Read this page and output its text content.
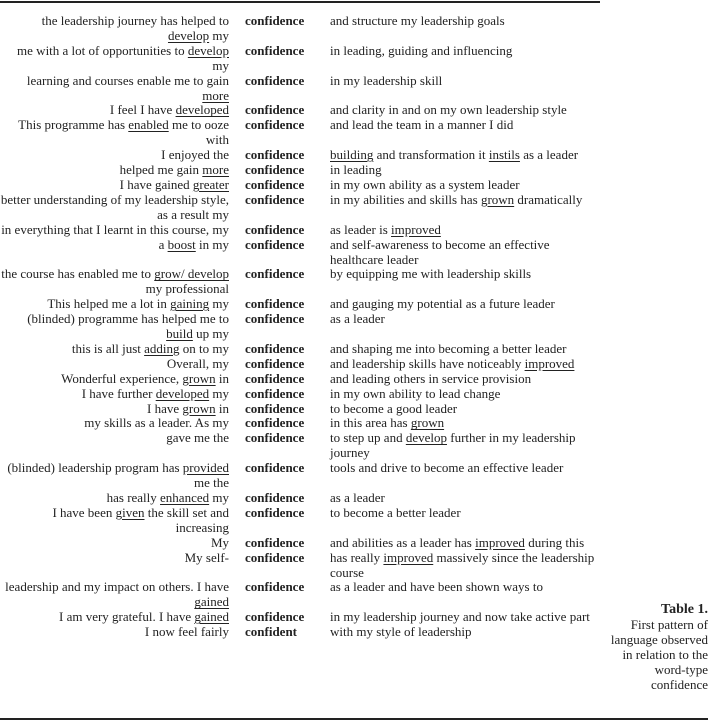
the leadership journey has helped to develop my	confidence	and structure my leadership goals
me with a lot of opportunities to develop my	confidence	in leading, guiding and influencing
learning and courses enable me to gain more	confidence	in my leadership skill
I feel I have developed	confidence	and clarity in and on my own leadership style
This programme has enabled me to ooze with	confidence	and lead the team in a manner I did
I enjoyed the	confidence	building and transformation it instils as a leader
helped me gain more	confidence	in leading
I have gained greater	confidence	in my own ability as a system leader
better understanding of my leadership style, as a result my	confidence	in my abilities and skills has grown dramatically
in everything that I learnt in this course, my	confidence	as leader is improved
a boost in my	confidence	and self-awareness to become an effective healthcare leader
the course has enabled me to grow/ develop my professional	confidence	by equipping me with leadership skills
This helped me a lot in gaining my	confidence	and gauging my potential as a future leader
(blinded) programme has helped me to build up my	confidence	as a leader
this is all just adding on to my	confidence	and shaping me into becoming a better leader
Overall, my	confidence	and leadership skills have noticeably improved
Wonderful experience, grown in	confidence	and leading others in service provision
I have further developed my	confidence	in my own ability to lead change
I have grown in	confidence	to become a good leader
my skills as a leader. As my	confidence	in this area has grown
gave me the	confidence	to step up and develop further in my leadership journey
(blinded) leadership program has provided me the	confidence	tools and drive to become an effective leader
has really enhanced my	confidence	as a leader
I have been given the skill set and increasing	confidence	to become a better leader
My	confidence	and abilities as a leader has improved during this
My self-	confidence	has really improved massively since the leadership course
leadership and my impact on others. I have gained	confidence	as a leader and have been shown ways to
I am very grateful. I have gained	confidence	in my leadership journey and now take active part
I now feel fairly	confident	with my style of leadership
Table 1.
First pattern of language observed in relation to the word-type confidence
